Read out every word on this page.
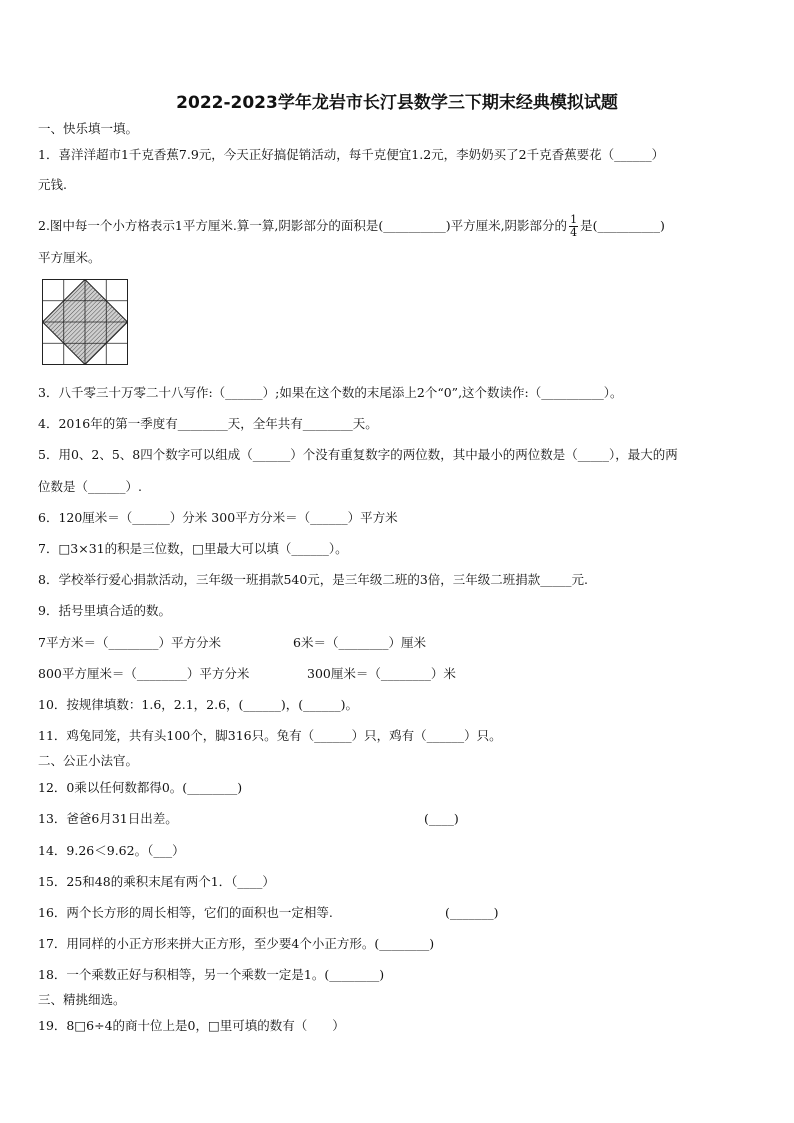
2022-2023学年龙岩市长汀县数学三下期末经典模拟试题
一、快乐填一填。
1．喜洋洋超市1千克香蕉7.9元，今天正好搞促销活动，每千克便宜1.2元，李奶奶买了2千克香蕉要花（______）
元钱.
2.图中每一个小方格表示1平方厘米.算一算,阴影部分的面积是(__________)平方厘米,阴影部分的 $\frac{1}{4}$ 是(__________)
平方厘米。
3．八千零三十万零二十八写作:（______）;如果在这个数的末尾添上2个“0”,这个数读作:（__________）。
4．2016年的第一季度有________天，全年共有________天。
5．用0、2、5、8四个数字可以组成（______）个没有重复数字的两位数，其中最小的两位数是（_____），最大的两
位数是（______）.
6．120厘米＝（______）分米 300平方分米＝（______）平方米
7．□3×31的积是三位数，□里最大可以填（______）。
8．学校举行爱心捐款活动，三年级一班捐款540元，是三年级二班的3倍，三年级二班捐款_____元.
9．括号里填合适的数。
7平方米＝（________）平方分米	6米＝（________）厘米
800平方厘米＝（________）平方分米	300厘米＝（________）米
10．按规律填数：1.6，2.1，2.6，(______)，(______)。
11．鸡兔同笼，共有头100个，脚316只。兔有（______）只，鸡有（______）只。
二、公正小法官。
12．0乘以任何数都得0。(________)
13．爸爸6月31日出差。	(____)
14．9.26＜9.62。（___）
15．25和48的乘积末尾有两个1．（____）
16．两个长方形的周长相等，它们的面积也一定相等.	(_______)
17．用同样的小正方形来拼大正方形，至少要4个小正方形。(________)
18．一个乘数正好与积相等，另一个乘数一定是1。(________)
三、精挑细选。
19．8□6÷4的商十位上是0，□里可填的数有（　　）
